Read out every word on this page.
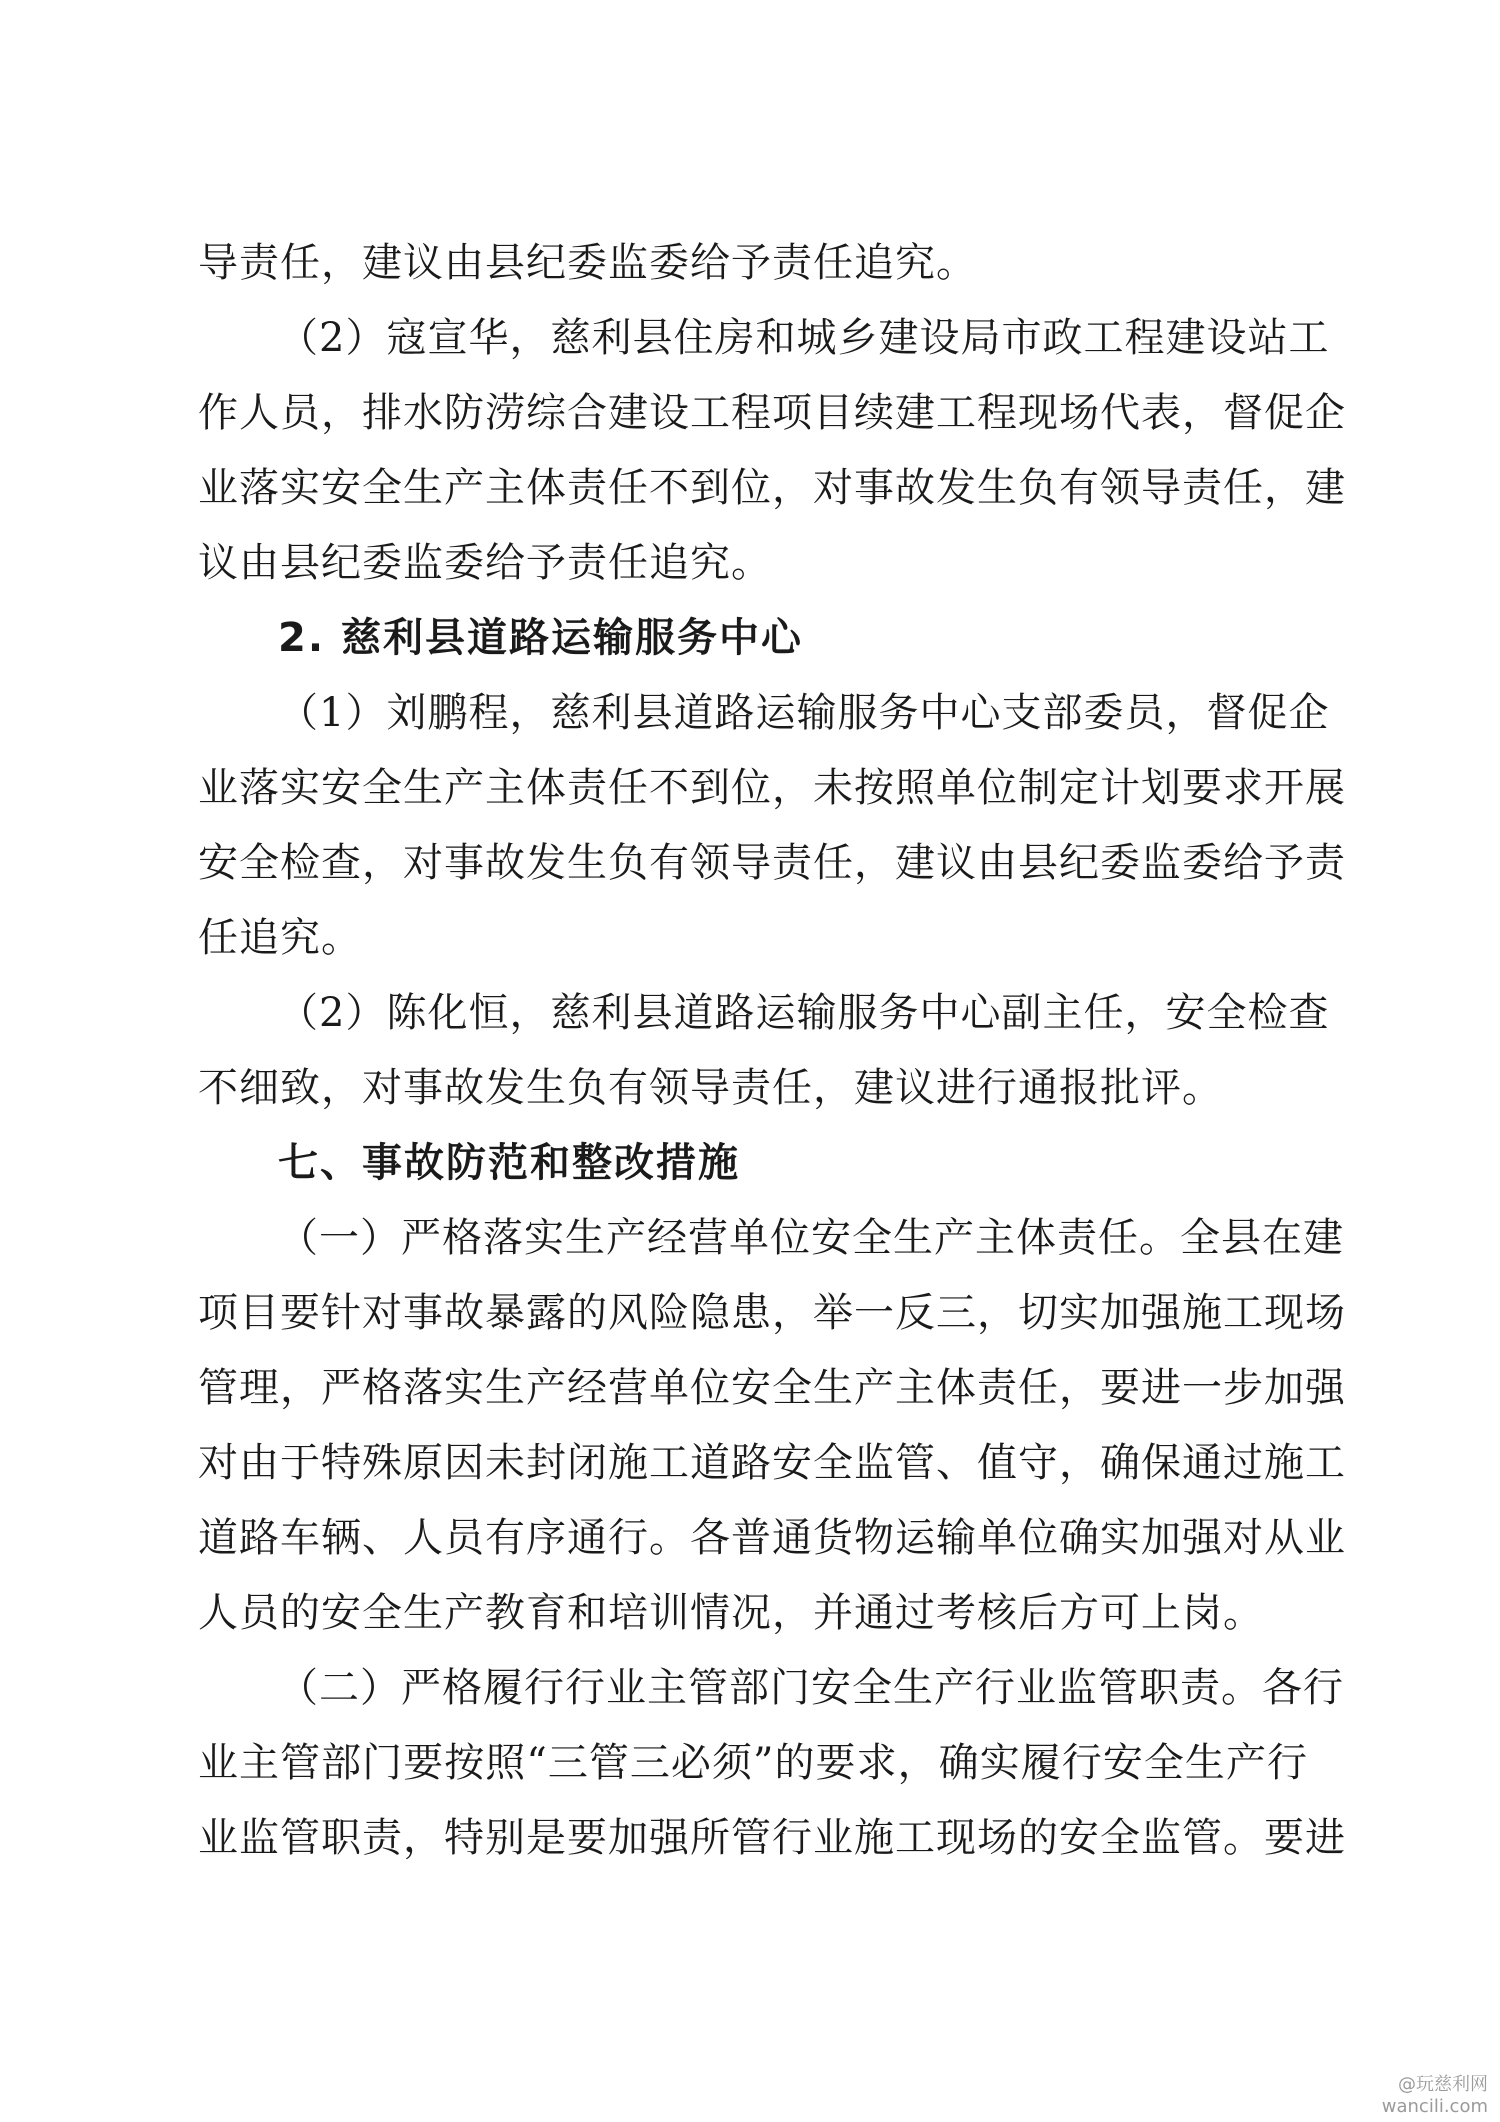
导责任，建议由县纪委监委给予责任追究。
（2）寇宣华，慈利县住房和城乡建设局市政工程建设站工
作人员，排水防涝综合建设工程项目续建工程现场代表，督促企
业落实安全生产主体责任不到位，对事故发生负有领导责任，建
议由县纪委监委给予责任追究。
2. 慈利县道路运输服务中心
（1）刘鹏程，慈利县道路运输服务中心支部委员，督促企
业落实安全生产主体责任不到位，未按照单位制定计划要求开展
安全检查，对事故发生负有领导责任，建议由县纪委监委给予责
任追究。
（2）陈化恒，慈利县道路运输服务中心副主任，安全检查
不细致，对事故发生负有领导责任，建议进行通报批评。
七、事故防范和整改措施
（一）严格落实生产经营单位安全生产主体责任。全县在建
项目要针对事故暴露的风险隐患，举一反三，切实加强施工现场
管理，严格落实生产经营单位安全生产主体责任，要进一步加强
对由于特殊原因未封闭施工道路安全监管、值守，确保通过施工
道路车辆、人员有序通行。各普通货物运输单位确实加强对从业
人员的安全生产教育和培训情况，并通过考核后方可上岗。
（二）严格履行行业主管部门安全生产行业监管职责。各行
业主管部门要按照“三管三必须”的要求，确实履行安全生产行
业监管职责，特别是要加强所管行业施工现场的安全监管。要进
@玩慈利网
wancili.com
